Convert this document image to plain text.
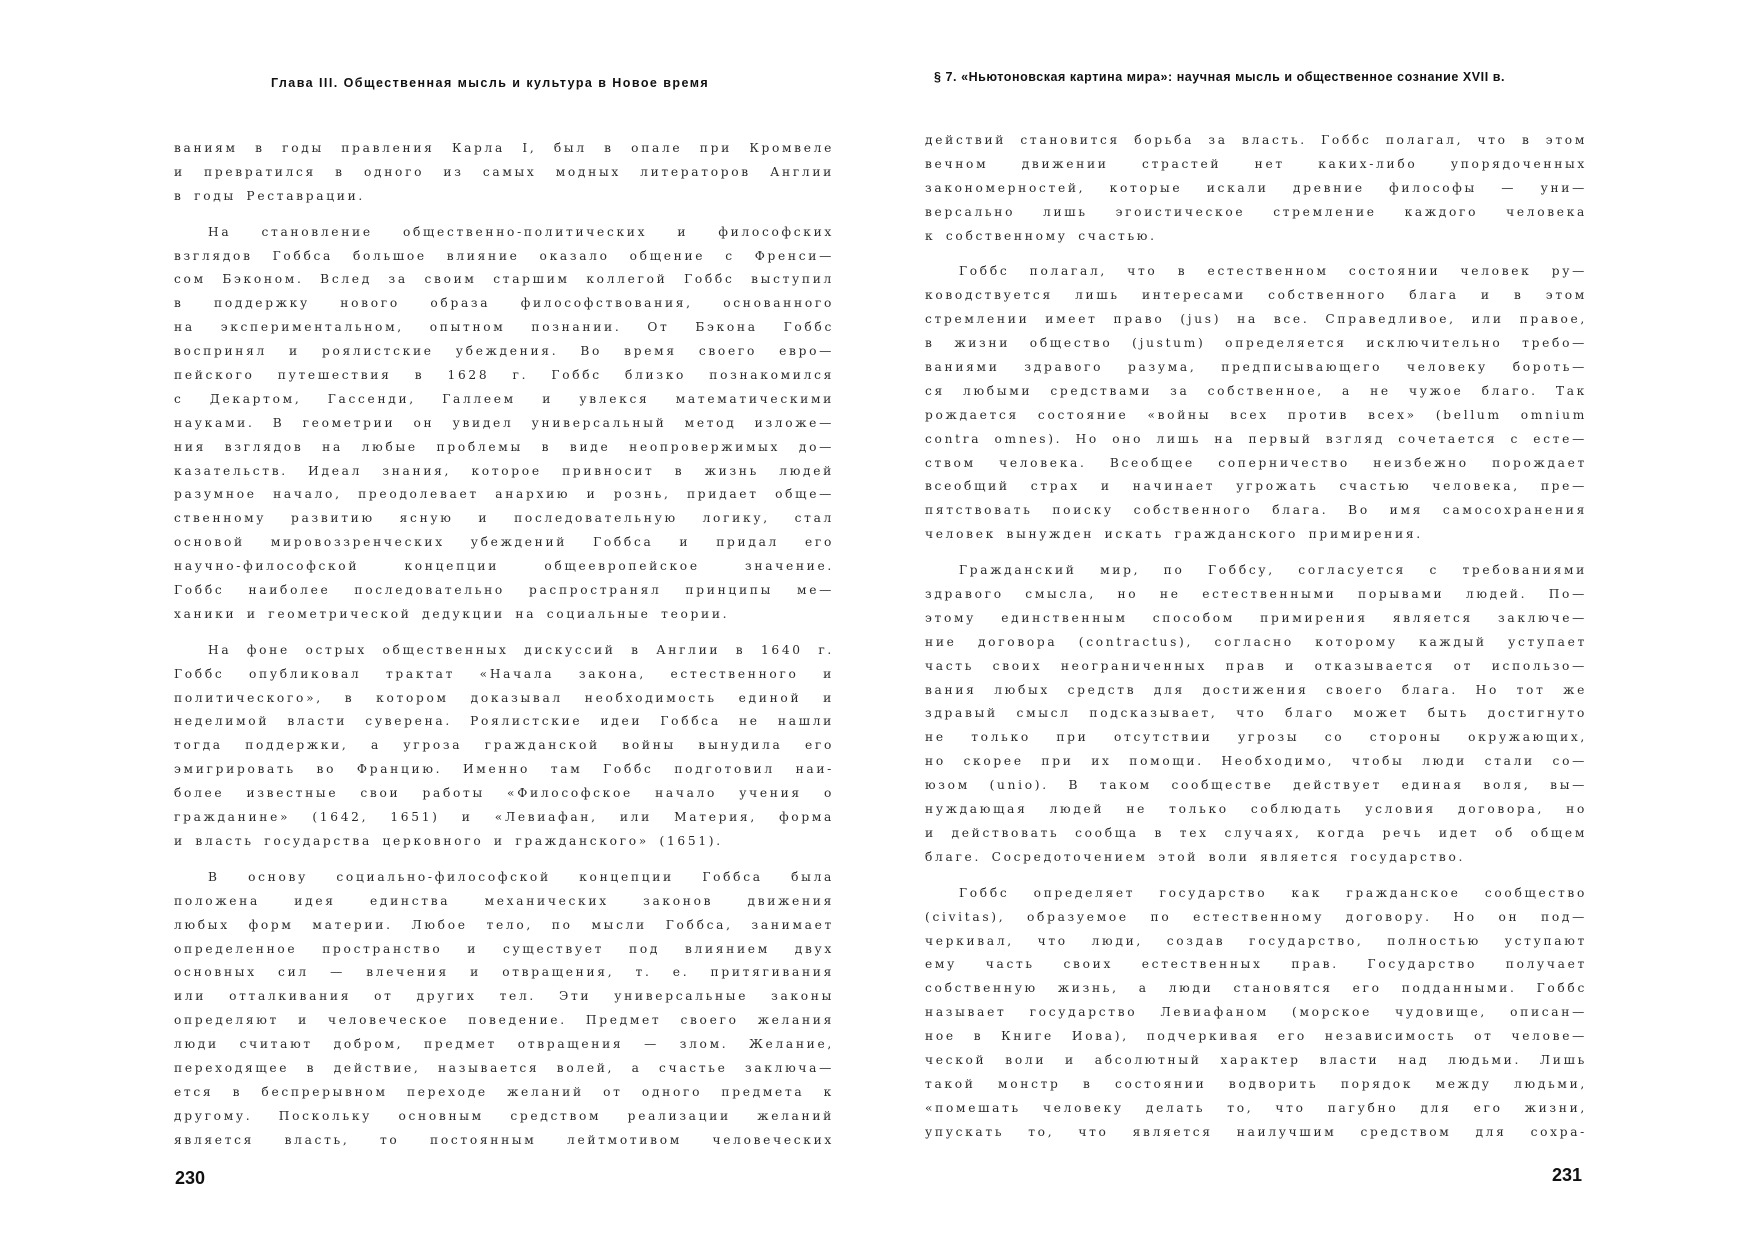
Глава III. Общественная мысль и культура в Новое время
ваниям в годы правления Карла I, был в опале при Кромвеле
и превратился в одного из самых модных литераторов Англии
в годы Реставрации.
На становление общественно-политических и философских
взглядов Гоббса большое влияние оказало общение с Френси—
сом Бэконом. Вслед за своим старшим коллегой Гоббс выступил
в поддержку нового образа философствования, основанного
на экспериментальном, опытном познании. От Бэкона Гоббс
воспринял и роялистские убеждения. Во время своего евро—
пейского путешествия в 1628 г. Гоббс близко познакомился
с Декартом, Гассенди, Галлеем и увлекся математическими
науками. В геометрии он увидел универсальный метод изложе—
ния взглядов на любые проблемы в виде неопровержимых до—
казательств. Идеал знания, которое привносит в жизнь людей
разумное начало, преодолевает анархию и рознь, придает обще—
ственному развитию ясную и последовательную логику, стал
основой мировоззренческих убеждений Гоббса и придал его
научно-философской концепции общеевропейское значение.
Гоббс наиболее последовательно распространял принципы ме—
ханики и геометрической дедукции на социальные теории.
На фоне острых общественных дискуссий в Англии в 1640 г.
Гоббс опубликовал трактат «Начала закона, естественного и
политического», в котором доказывал необходимость единой и
неделимой власти суверена. Роялистские идеи Гоббса не нашли
тогда поддержки, а угроза гражданской войны вынудила его
эмигрировать во Францию. Именно там Гоббс подготовил наи-
более известные свои работы «Философское начало учения о
гражданине» (1642, 1651) и «Левиафан, или Материя, форма
и власть государства церковного и гражданского» (1651).
В основу социально-философской концепции Гоббса была
положена идея единства механических законов движения
любых форм материи. Любое тело, по мысли Гоббса, занимает
определенное пространство и существует под влиянием двух
основных сил — влечения и отвращения, т. е. притягивания
или отталкивания от других тел. Эти универсальные законы
определяют и человеческое поведение. Предмет своего желания
люди считают добром, предмет отвращения — злом. Желание,
переходящее в действие, называется волей, а счастье заключа—
ется в беспрерывном переходе желаний от одного предмета к
другому. Поскольку основным средством реализации желаний
является власть, то постоянным лейтмотивом человеческих
230
§ 7. «Ньютоновская картина мира»: научная мысль и общественное сознание XVII в.
действий становится борьба за власть. Гоббс полагал, что в этом
вечном движении страстей нет каких-либо упорядоченных
закономерностей, которые искали древние философы — уни—
версально лишь эгоистическое стремление каждого человека
к собственному счастью.
Гоббс полагал, что в естественном состоянии человек ру—
ководствуется лишь интересами собственного блага и в этом
стремлении имеет право (jus) на все. Справедливое, или правое,
в жизни общество (justum) определяется исключительно требо—
ваниями здравого разума, предписывающего человеку бороть—
ся любыми средствами за собственное, а не чужое благо. Так
рождается состояние «войны всех против всех» (bellum omnium
contra omnes). Но оно лишь на первый взгляд сочетается с есте—
ством человека. Всеобщее соперничество неизбежно порождает
всеобщий страх и начинает угрожать счастью человека, пре—
пятствовать поиску собственного блага. Во имя самосохранения
человек вынужден искать гражданского примирения.
Гражданский мир, по Гоббсу, согласуется с требованиями
здравого смысла, но не естественными порывами людей. По—
этому единственным способом примирения является заключе—
ние договора (contractus), согласно которому каждый уступает
часть своих неограниченных прав и отказывается от использо—
вания любых средств для достижения своего блага. Но тот же
здравый смысл подсказывает, что благо может быть достигнуто
не только при отсутствии угрозы со стороны окружающих,
но скорее при их помощи. Необходимо, чтобы люди стали со—
юзом (unio). В таком сообществе действует единая воля, вы—
нуждающая людей не только соблюдать условия договора, но
и действовать сообща в тех случаях, когда речь идет об общем
благе. Сосредоточением этой воли является государство.
Гоббс определяет государство как гражданское сообщество
(civitas), образуемое по естественному договору. Но он под—
черкивал, что люди, создав государство, полностью уступают
ему часть своих естественных прав. Государство получает
собственную жизнь, а люди становятся его подданными. Гоббс
называет государство Левиафаном (морское чудовище, описан—
ное в Книге Иова), подчеркивая его независимость от челове—
ческой воли и абсолютный характер власти над людьми. Лишь
такой монстр в состоянии водворить порядок между людьми,
«помешать человеку делать то, что пагубно для его жизни,
упускать то, что является наилучшим средством для сохра-
231
